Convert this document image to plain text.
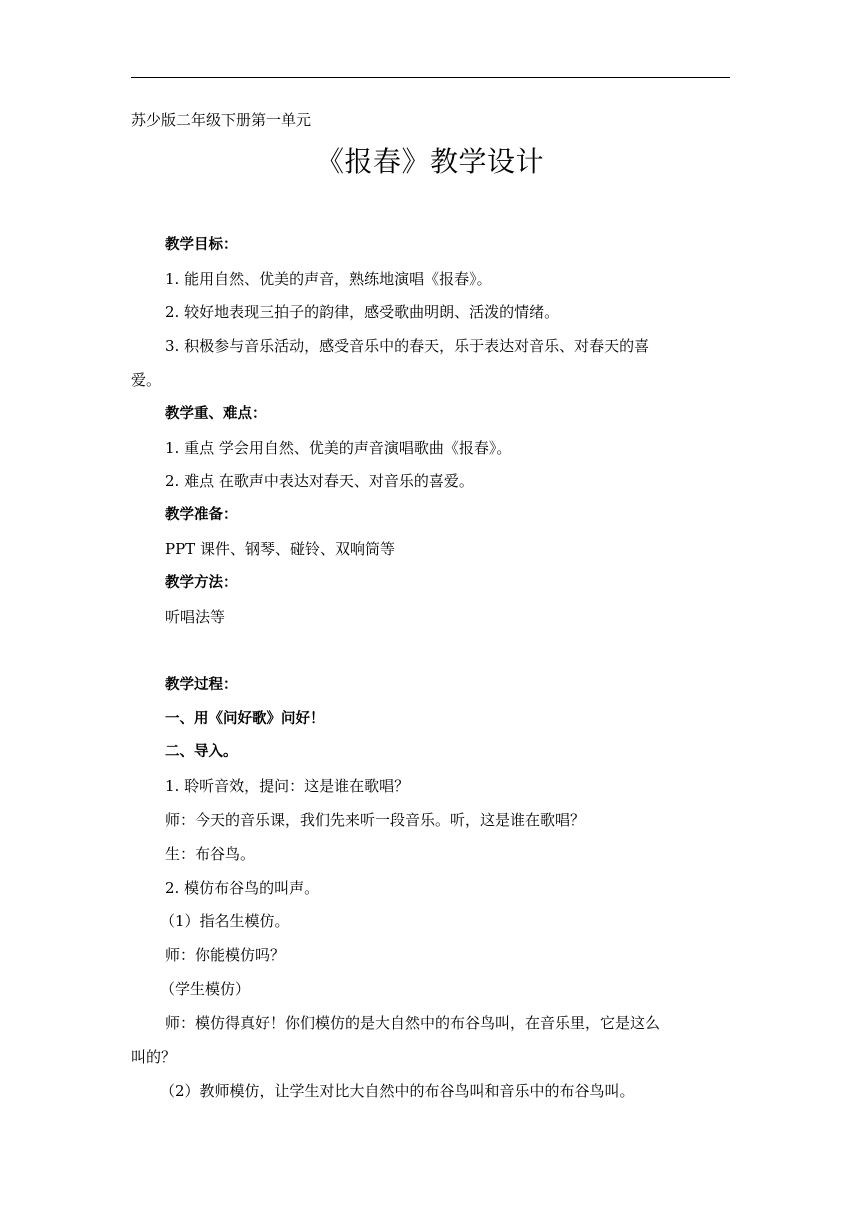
苏少版二年级下册第一单元
《报春》教学设计
教学目标：
1. 能用自然、优美的声音，熟练地演唱《报春》。
2. 较好地表现三拍子的韵律，感受歌曲明朗、活泼的情绪。
3. 积极参与音乐活动，感受音乐中的春天，乐于表达对音乐、对春天的喜
爱。
教学重、难点：
1. 重点 学会用自然、优美的声音演唱歌曲《报春》。
2. 难点 在歌声中表达对春天、对音乐的喜爱。
教学准备：
PPT 课件、钢琴、碰铃、双响筒等
教学方法：
听唱法等
教学过程：
一、用《问好歌》问好！
二、导入。
1. 聆听音效，提问：这是谁在歌唱？
师：今天的音乐课，我们先来听一段音乐。听，这是谁在歌唱？
生：布谷鸟。
2. 模仿布谷鸟的叫声。
（1）指名生模仿。
师：你能模仿吗？
（学生模仿）
师：模仿得真好！你们模仿的是大自然中的布谷鸟叫，在音乐里，它是这么
叫的？
（2）教师模仿，让学生对比大自然中的布谷鸟叫和音乐中的布谷鸟叫。
